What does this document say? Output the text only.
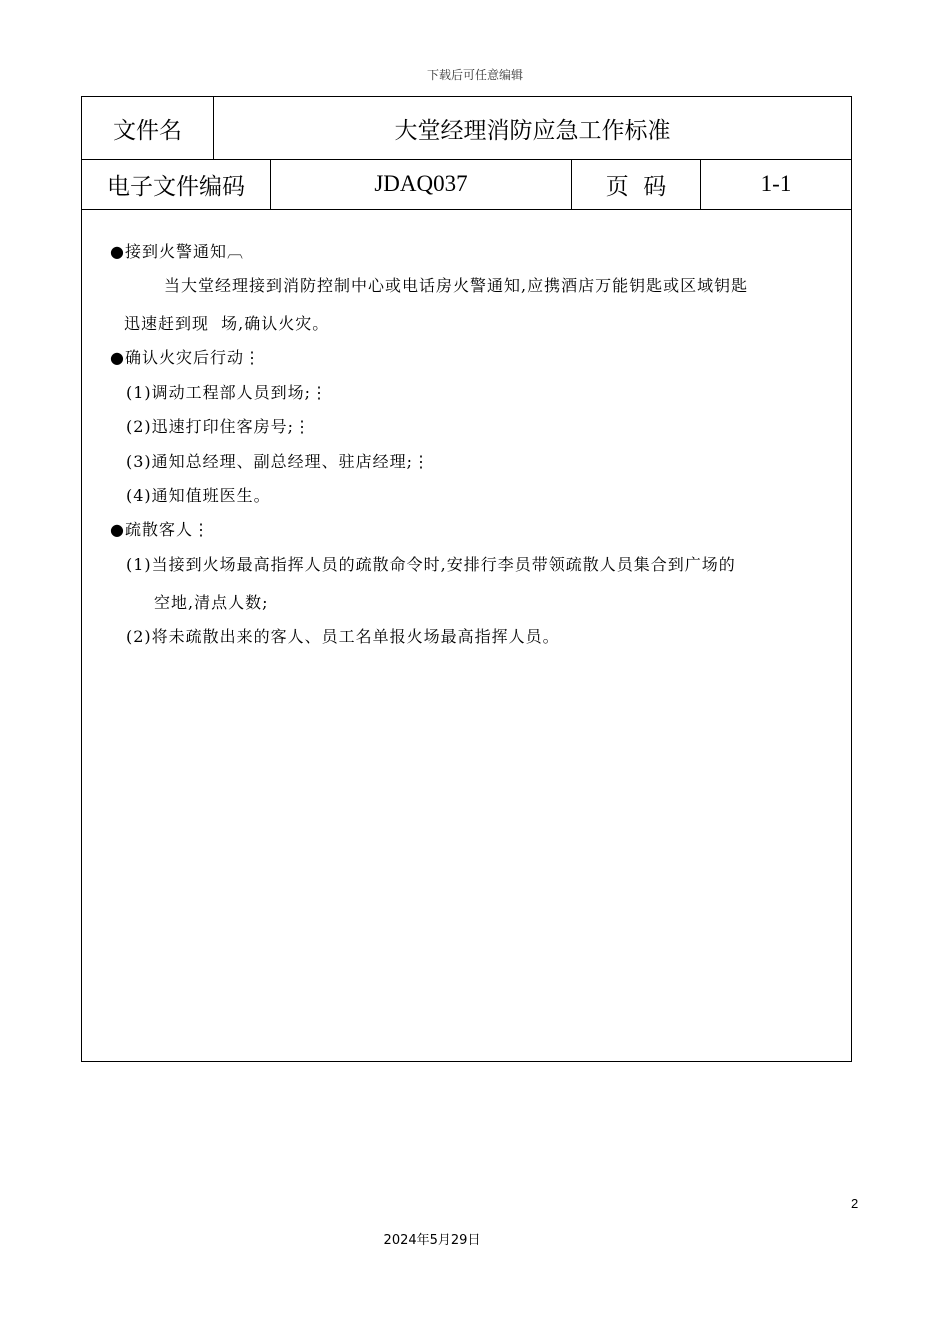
下载后可任意编辑
文件名	大堂经理消防应急工作标准
电子文件编码	JDAQ037	页  码	1-1
●接到火警通知︹
当大堂经理接到消防控制中心或电话房火警通知,应携酒店万能钥匙或区域钥匙
迅速赶到现  场,确认火灾。
●确认火灾后行动⋮
(1)调动工程部人员到场;⋮
(2)迅速打印住客房号;⋮
(3)通知总经理、副总经理、驻店经理;⋮
(4)通知值班医生。
●疏散客人⋮
(1)当接到火场最高指挥人员的疏散命令时,安排行李员带领疏散人员集合到广场的
空地,清点人数;
(2)将未疏散出来的客人、员工名单报火场最高指挥人员。
2
2024年5月29日
